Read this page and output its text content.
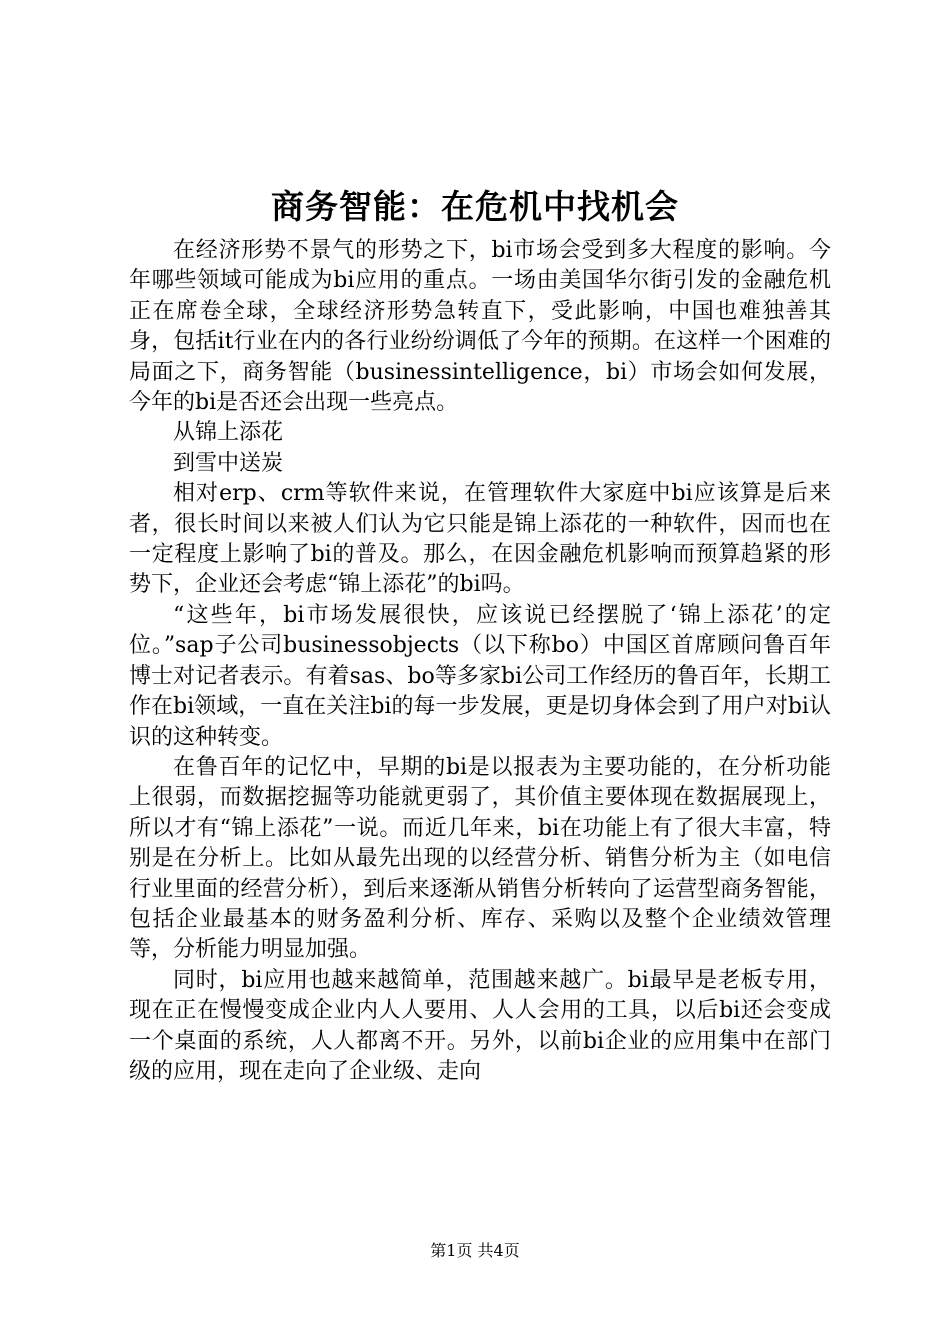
商务智能：在危机中找机会

在经济形势不景气的形势之下，bi市场会受到多大程度的影响。今年哪些领域可能成为bi应用的重点。一场由美国华尔街引发的金融危机正在席卷全球，全球经济形势急转直下，受此影响，中国也难独善其身，包括it行业在内的各行业纷纷调低了今年的预期。在这样一个困难的局面之下，商务智能（businessintelligence，bi）市场会如何发展，今年的bi是否还会出现一些亮点。

从锦上添花

到雪中送炭

相对erp、crm等软件来说，在管理软件大家庭中bi应该算是后来者，很长时间以来被人们认为它只能是锦上添花的一种软件，因而也在一定程度上影响了bi的普及。那么，在因金融危机影响而预算趋紧的形势下，企业还会考虑“锦上添花”的bi吗。

“这些年，bi市场发展很快，应该说已经摆脱了‘锦上添花’的定位。”sap子公司businessobjects（以下称bo）中国区首席顾问鲁百年博士对记者表示。有着sas、bo等多家bi公司工作经历的鲁百年，长期工作在bi领域，一直在关注bi的每一步发展，更是切身体会到了用户对bi认识的这种转变。

在鲁百年的记忆中，早期的bi是以报表为主要功能的，在分析功能上很弱，而数据挖掘等功能就更弱了，其价值主要体现在数据展现上，所以才有“锦上添花”一说。而近几年来，bi在功能上有了很大丰富，特别是在分析上。比如从最先出现的以经营分析、销售分析为主（如电信行业里面的经营分析），到后来逐渐从销售分析转向了运营型商务智能，包括企业最基本的财务盈利分析、库存、采购以及整个企业绩效管理等，分析能力明显加强。

同时，bi应用也越来越简单，范围越来越广。bi最早是老板专用，现在正在慢慢变成企业内人人要用、人人会用的工具，以后bi还会变成一个桌面的系统，人人都离不开。另外，以前bi企业的应用集中在部门级的应用，现在走向了企业级、走向

第1页 共4页
